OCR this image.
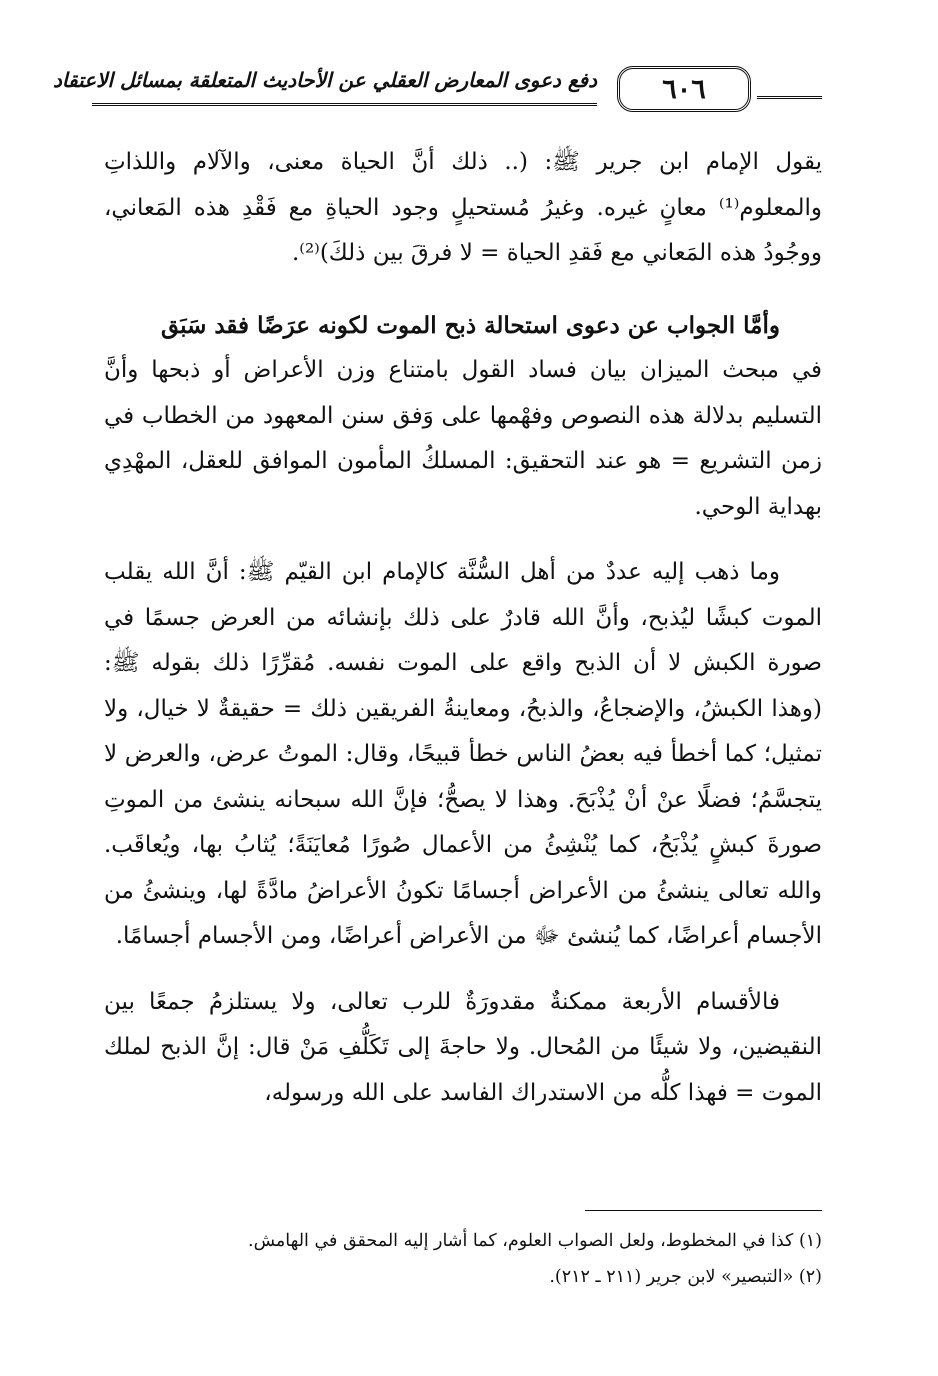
دفع دعوى المعارض العقلي عن الأحاديث المتعلقة بمسائل الاعتقاد ٦٠٦

يقول الإمام ابن جرير ﷺ: (.. ذلك أنَّ الحياة معنى، والآلام واللذاتِ والمعلوم⁽¹⁾ معانٍ غيره. وغيرُ مُستحيلٍ وجود الحياةِ مع فَقْدِ هذه المَعاني، ووجُودُ هذه المَعاني مع فَقدِ الحياة = لا فرقَ بين ذلكَ)⁽²⁾.

وأمَّا الجواب عن دعوى استحالة ذبح الموت لكونه عرَضًا فقد سَبَق

في مبحث الميزان بيان فساد القول بامتناع وزن الأعراض أو ذبحها وأنَّ التسليم بدلالة هذه النصوص وفهْمها على وَفق سنن المعهود من الخطاب في زمن التشريع = هو عند التحقيق: المسلكُ المأمون الموافق للعقل، المهْدِي بهداية الوحي.

وما ذهب إليه عددٌ من أهل السُّنَّة كالإمام ابن القيّم ﷺ: أنَّ الله يقلب الموت كبشًا ليُذبح، وأنَّ الله قادرٌ على ذلك بإنشائه من العرض جسمًا في صورة الكبش لا أن الذبح واقع على الموت نفسه. مُقرِّرًا ذلك بقوله ﷺ: (وهذا الكبشُ، والإضجاعُ، والذبحُ، ومعاينةُ الفريقين ذلك = حقيقةٌ لا خيال، ولا تمثيل؛ كما أخطأ فيه بعضُ الناس خطأ قبيحًا، وقال: الموتُ عرض، والعرض لا يتجسَّمُ؛ فضلًا عنْ أنْ يُذْبَحَ. وهذا لا يصحُّ؛ فإنَّ الله سبحانه ينشئ من الموتِ صورةَ كبشٍ يُذْبَحُ، كما يُنْشِئُ من الأعمال صُورًا مُعايَنَةً؛ يُثابُ بها، ويُعاقَب. والله تعالى ينشئُ من الأعراض أجسامًا تكونُ الأعراضُ مادَّةً لها، وينشئُ من الأجسام أعراضًا، كما يُنشئ ﷻ من الأعراض أعراضًا، ومن الأجسام أجسامًا.

فالأقسام الأربعة ممكنةٌ مقدورَةٌ للرب تعالى، ولا يستلزمُ جمعًا بين النقيضين، ولا شيئًا من المُحال. ولا حاجةَ إلى تَكَلُّفِ مَنْ قال: إنَّ الذبح لملك الموت = فهذا كلُّه من الاستدراك الفاسد على الله ورسوله،

(١) كذا في المخطوط، ولعل الصواب العلوم، كما أشار إليه المحقق في الهامش.

(٢) «التبصير» لابن جرير (٢١١ ـ ٢١٢).
